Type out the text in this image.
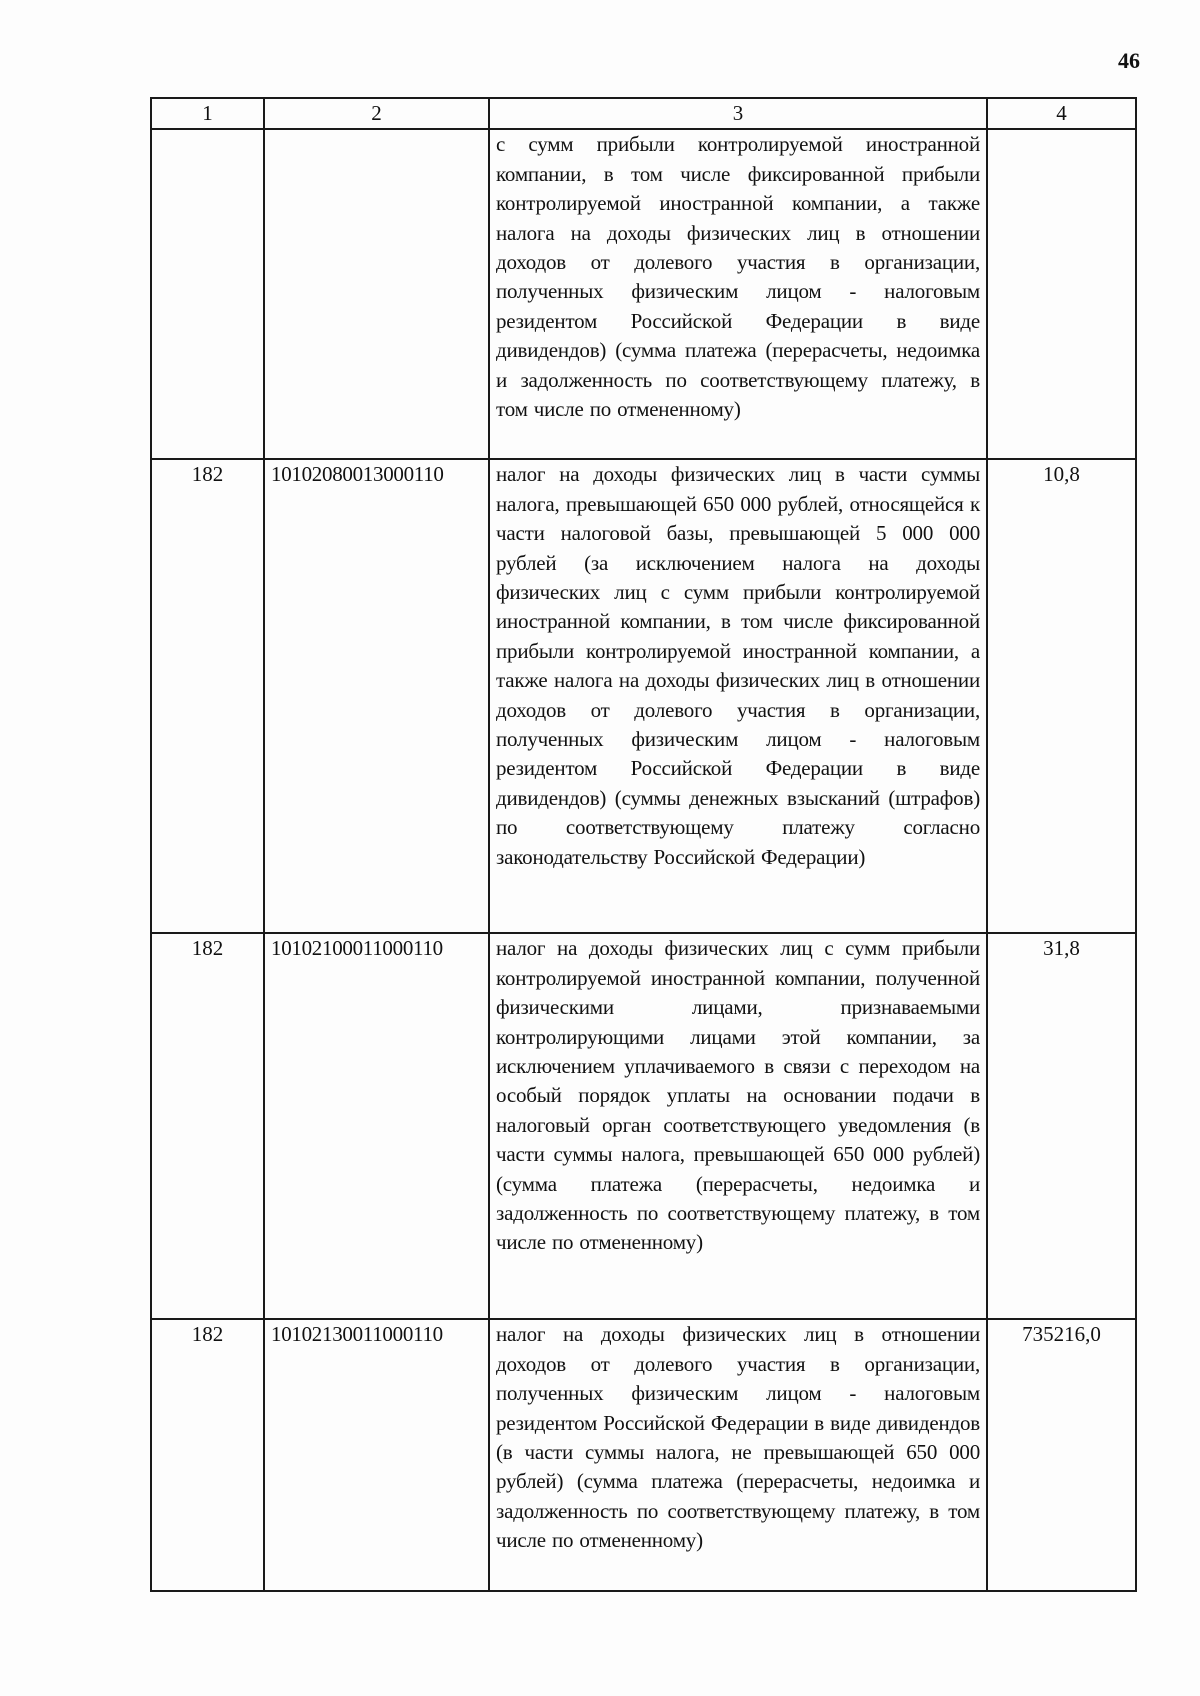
46
1	2	3	4
		с сумм прибыли контролируемой иностранной компании, в том числе фиксированной прибыли контролируемой иностранной компании, а также налога на доходы физических лиц в отношении доходов от долевого участия в организации, полученных физическим лицом - налоговым резидентом Российской Федерации в виде дивидендов) (сумма платежа (перерасчеты, недоимка и задолженность по соответствующему платежу, в том числе по отмененному)	
182	10102080013000110	налог на доходы физических лиц в части суммы налога, превышающей 650 000 рублей, относящейся к части налоговой базы, превышающей 5 000 000 рублей (за исключением налога на доходы физических лиц с сумм прибыли контролируемой иностранной компании, в том числе фиксированной прибыли контролируемой иностранной компании, а также налога на доходы физических лиц в отношении доходов от долевого участия в организации, полученных физическим лицом - налоговым резидентом Российской Федерации в виде дивидендов) (суммы денежных взысканий (штрафов) по соответствующему платежу согласно законодательству Российской Федерации)	10,8
182	10102100011000110	налог на доходы физических лиц с сумм прибыли контролируемой иностранной компании, полученной физическими лицами, признаваемыми контролирующими лицами этой компании, за исключением уплачиваемого в связи с переходом на особый порядок уплаты на основании подачи в налоговый орган соответствующего уведомления (в части суммы налога, превышающей 650 000 рублей) (сумма платежа (перерасчеты, недоимка и задолженность по соответствующему платежу, в том числе по отмененному)	31,8
182	10102130011000110	налог на доходы физических лиц в отношении доходов от долевого участия в организации, полученных физическим лицом - налоговым резидентом Российской Федерации в виде дивидендов (в части суммы налога, не превышающей 650 000 рублей) (сумма платежа (перерасчеты, недоимка и задолженность по соответствующему платежу, в том числе по отмененному)	735216,0
